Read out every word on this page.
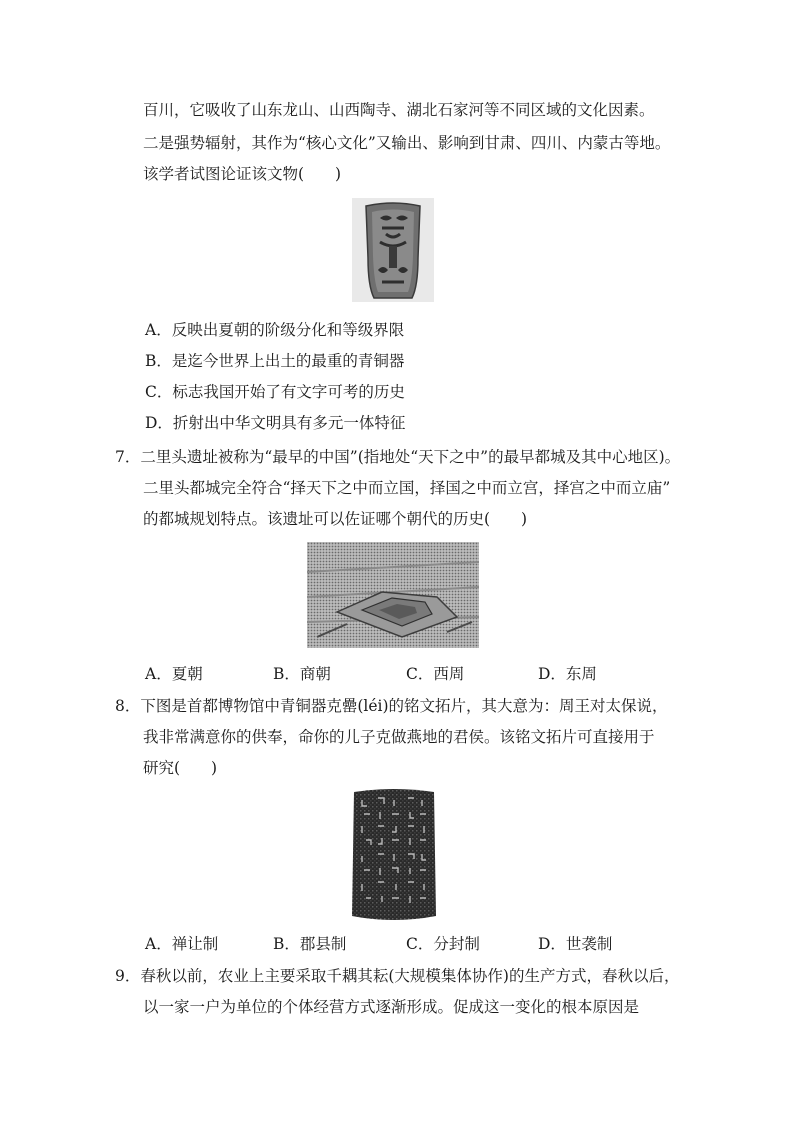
百川，它吸收了山东龙山、山西陶寺、湖北石家河等不同区域的文化因素。
二是强势辐射，其作为“核心文化”又输出、影响到甘肃、四川、内蒙古等地。
该学者试图论证该文物(　　)
A．反映出夏朝的阶级分化和等级界限
B．是迄今世界上出土的最重的青铜器
C．标志我国开始了有文字可考的历史
D．折射出中华文明具有多元一体特征
7．二里头遗址被称为“最早的中国”(指地处“天下之中”的最早都城及其中心地区)。
二里头都城完全符合“择天下之中而立国，择国之中而立宫，择宫之中而立庙”
的都城规划特点。该遗址可以佐证哪个朝代的历史(　　)
A．夏朝	B．商朝	C．西周	D．东周
8．下图是首都博物馆中青铜器克罍(léi)的铭文拓片，其大意为：周王对太保说，
我非常满意你的供奉，命你的儿子克做燕地的君侯。该铭文拓片可直接用于
研究(　　)
A．禅让制	B．郡县制	C．分封制	D．世袭制
9．春秋以前，农业上主要采取千耦其耘(大规模集体协作)的生产方式，春秋以后，
以一家一户为单位的个体经营方式逐渐形成。促成这一变化的根本原因是
